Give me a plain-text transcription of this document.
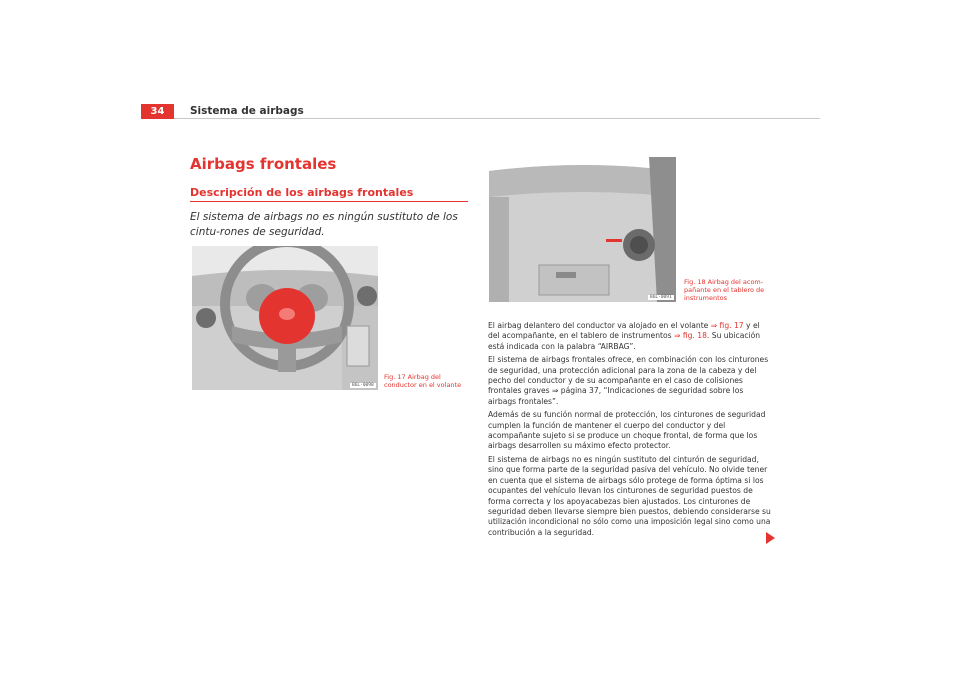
34	Sistema de airbags
Airbags frontales
Descripción de los airbags frontales
El sistema de airbags no es ningún sustituto de los cintu-rones de seguridad.
B6L-0090
Fig. 17 Airbag del
conductor en el volante
B6L-0091
Fig. 18 Airbag del acom-
pañante en el tablero de
instrumentos

El airbag delantero del conductor va alojado en el volante ⇒ fig. 17 y el del acompañante, en el tablero de instrumentos ⇒ fig. 18. Su ubicación está indicada con la palabra “AIRBAG”.

El sistema de airbags frontales ofrece, en combinación con los cinturones de seguridad, una protección adicional para la zona de la cabeza y del pecho del conductor y de su acompañante en el caso de colisiones frontales graves ⇒ página 37, “Indicaciones de seguridad sobre los airbags frontales”.

Además de su función normal de protección, los cinturones de seguridad cumplen la función de mantener el cuerpo del conductor y del acompañante sujeto si se produce un choque frontal, de forma que los airbags desarrollen su máximo efecto protector.

El sistema de airbags no es ningún sustituto del cinturón de seguridad, sino que forma parte de la seguridad pasiva del vehículo. No olvide tener en cuenta que el sistema de airbags sólo protege de forma óptima si los ocupantes del vehículo llevan los cinturones de seguridad puestos de forma correcta y los apoyacabezas bien ajustados. Los cinturones de seguridad deben llevarse siempre bien puestos, debiendo considerarse su utilización incondicional no sólo como una imposición legal sino como una contribución a la seguridad.
